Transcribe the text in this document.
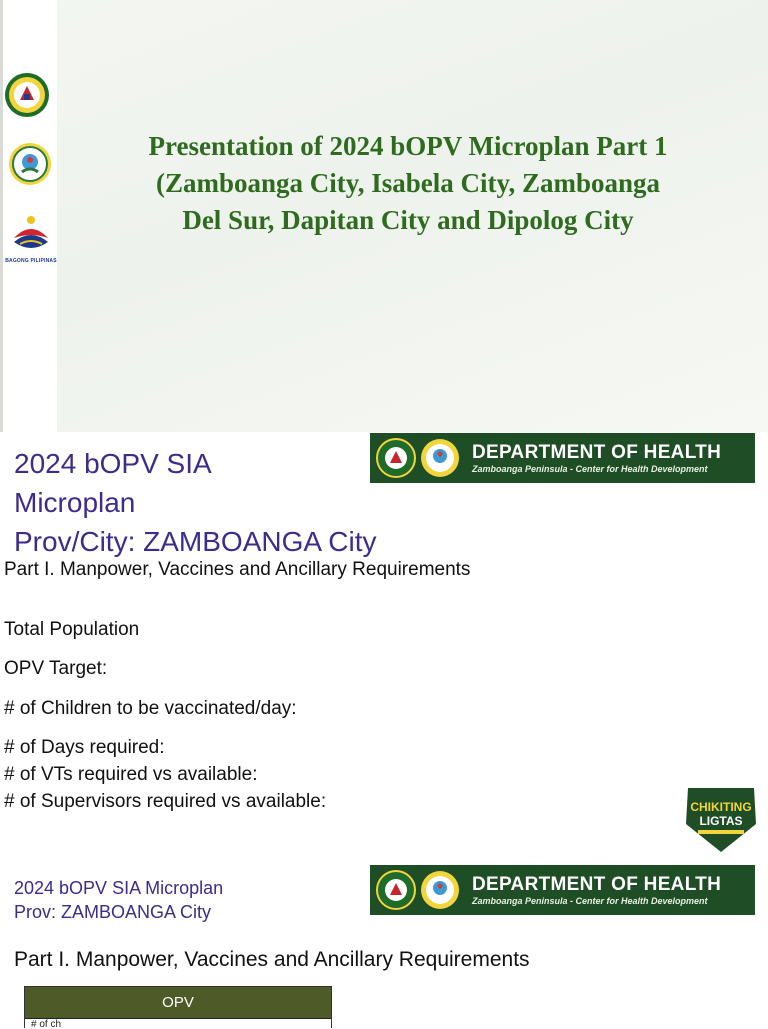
BAGONG PILIPINAS
Presentation of 2024 bOPV Microplan Part 1
(Zamboanga City, Isabela City, Zamboanga
Del Sur, Dapitan City and Dipolog City
2024 bOPV SIA
Microplan
Prov/City: ZAMBOANGA City
DEPARTMENT OF HEALTH
Zamboanga Peninsula - Center for Health Development
Part I. Manpower, Vaccines and Ancillary Requirements
Total Population
OPV Target:
# of Children to be vaccinated/day:
# of Days required:
# of VTs required vs available:
# of Supervisors required vs available:	CHIKITING
LIGTAS
2024 bOPV SIA Microplan
Prov: ZAMBOANGA City
DEPARTMENT OF HEALTH
Zamboanga Peninsula - Center for Health Development
Part I. Manpower, Vaccines and Ancillary Requirements
OPV
# of ch
